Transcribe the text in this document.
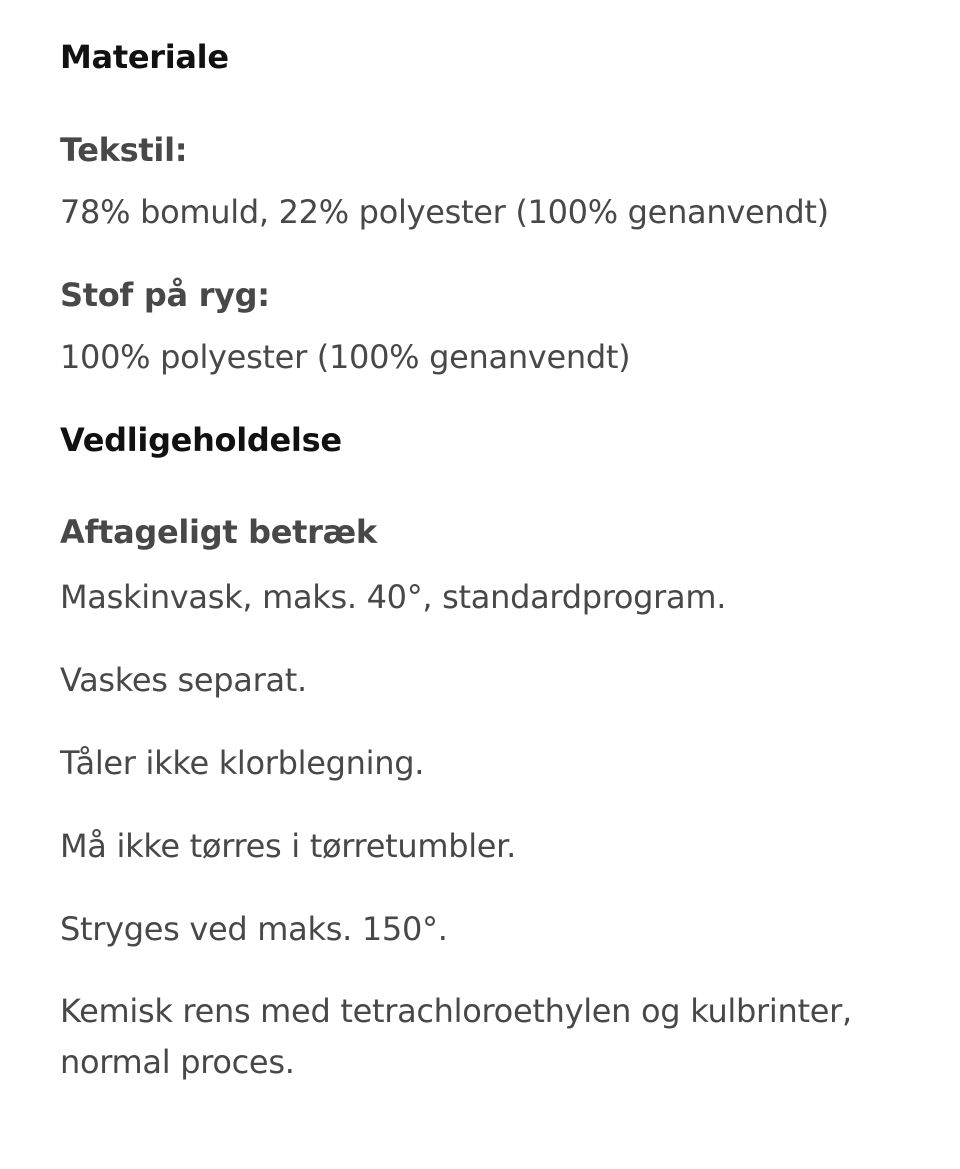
Materiale
Tekstil:

78% bomuld, 22% polyester (100% genanvendt)

Stof på ryg:

100% polyester (100% genanvendt)

Vedligeholdelse
Aftageligt betræk

Maskinvask, maks. 40°, standardprogram.

Vaskes separat.

Tåler ikke klorblegning.

Må ikke tørres i tørretumbler.

Stryges ved maks. 150°.

Kemisk rens med tetrachloroethylen og kulbrinter, normal proces.
